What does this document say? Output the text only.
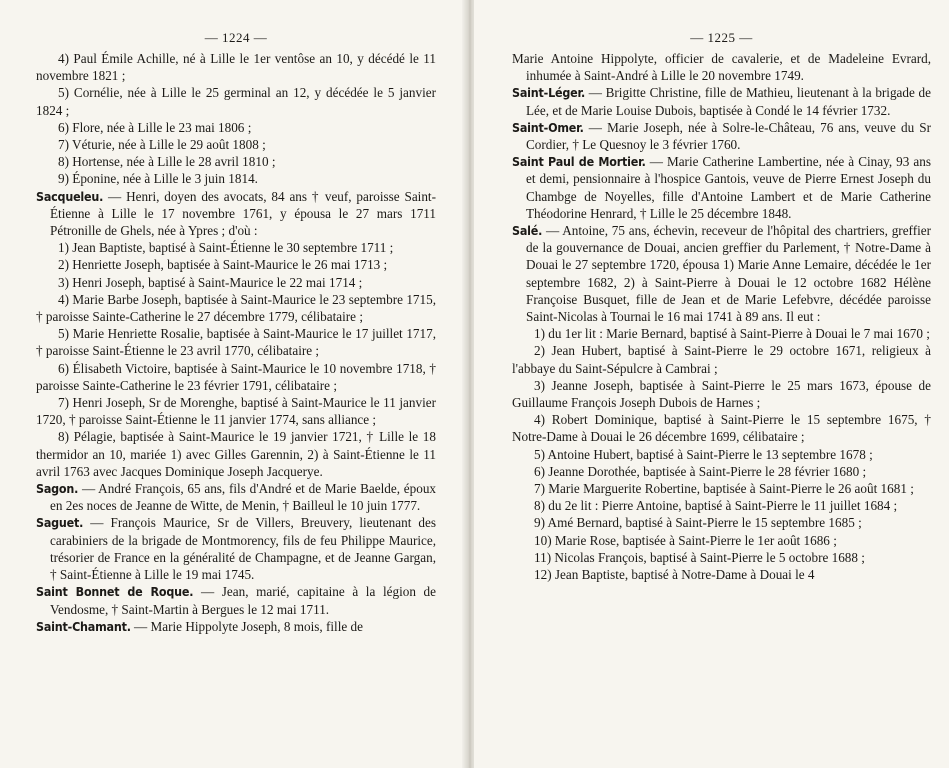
— 1224 —

4) Paul Émile Achille, né à Lille le 1er ventôse an 10, y décédé le 11 novembre 1821 ;

5) Cornélie, née à Lille le 25 germinal an 12, y décédée le 5 janvier 1824 ;

6) Flore, née à Lille le 23 mai 1806 ;

7) Véturie, née à Lille le 29 août 1808 ;

8) Hortense, née à Lille le 28 avril 1810 ;

9) Éponine, née à Lille le 3 juin 1814.

Sacqueleu. — Henri, doyen des avocats, 84 ans † veuf, paroisse Saint-Étienne à Lille le 17 novembre 1761, y épousa le 27 mars 1711 Pétronille de Ghels, née à Ypres ; d'où :

1) Jean Baptiste, baptisé à Saint-Étienne le 30 septembre 1711 ;

2) Henriette Joseph, baptisée à Saint-Maurice le 26 mai 1713 ;

3) Henri Joseph, baptisé à Saint-Maurice le 22 mai 1714 ;

4) Marie Barbe Joseph, baptisée à Saint-Maurice le 23 septembre 1715, † paroisse Sainte-Catherine le 27 décembre 1779, célibataire ;

5) Marie Henriette Rosalie, baptisée à Saint-Maurice le 17 juillet 1717, † paroisse Saint-Étienne le 23 avril 1770, célibataire ;

6) Élisabeth Victoire, baptisée à Saint-Maurice le 10 novembre 1718, † paroisse Sainte-Catherine le 23 février 1791, célibataire ;

7) Henri Joseph, Sr de Morenghe, baptisé à Saint-Maurice le 11 janvier 1720, † paroisse Saint-Étienne le 11 janvier 1774, sans alliance ;

8) Pélagie, baptisée à Saint-Maurice le 19 janvier 1721, † Lille le 18 thermidor an 10, mariée 1) avec Gilles Garennin, 2) à Saint-Étienne le 11 avril 1763 avec Jacques Dominique Joseph Jacquerye.

Sagon. — André François, 65 ans, fils d'André et de Marie Baelde, époux en 2es noces de Jeanne de Witte, de Menin, † Bailleul le 10 juin 1777.

Saguet. — François Maurice, Sr de Villers, Breuvery, lieutenant des carabiniers de la brigade de Montmorency, fils de feu Philippe Maurice, trésorier de France en la généralité de Champagne, et de Jeanne Gargan, † Saint-Étienne à Lille le 19 mai 1745.

Saint Bonnet de Roque. — Jean, marié, capitaine à la légion de Vendosme, † Saint-Martin à Bergues le 12 mai 1711.

Saint-Chamant. — Marie Hippolyte Joseph, 8 mois, fille de

— 1225 —

Marie Antoine Hippolyte, officier de cavalerie, et de Madeleine Evrard, inhumée à Saint-André à Lille le 20 novembre 1749.

Saint-Léger. — Brigitte Christine, fille de Mathieu, lieutenant à la brigade de Lée, et de Marie Louise Dubois, baptisée à Condé le 14 février 1732.

Saint-Omer. — Marie Joseph, née à Solre-le-Château, 76 ans, veuve du Sr Cordier, † Le Quesnoy le 3 février 1760.

Saint Paul de Mortier. — Marie Catherine Lambertine, née à Cinay, 93 ans et demi, pensionnaire à l'hospice Gantois, veuve de Pierre Ernest Joseph du Chambge de Noyelles, fille d'Antoine Lambert et de Marie Catherine Théodorine Henrard, † Lille le 25 décembre 1848.

Salé. — Antoine, 75 ans, échevin, receveur de l'hôpital des chartriers, greffier de la gouvernance de Douai, ancien greffier du Parlement, † Notre-Dame à Douai le 27 septembre 1720, épousa 1) Marie Anne Lemaire, décédée le 1er septembre 1682, 2) à Saint-Pierre à Douai le 12 octobre 1682 Hélène Françoise Busquet, fille de Jean et de Marie Lefebvre, décédée paroisse Saint-Nicolas à Tournai le 16 mai 1741 à 89 ans. Il eut :

1) du 1er lit : Marie Bernard, baptisé à Saint-Pierre à Douai le 7 mai 1670 ;

2) Jean Hubert, baptisé à Saint-Pierre le 29 octobre 1671, religieux à l'abbaye du Saint-Sépulcre à Cambrai ;

3) Jeanne Joseph, baptisée à Saint-Pierre le 25 mars 1673, épouse de Guillaume François Joseph Dubois de Harnes ;

4) Robert Dominique, baptisé à Saint-Pierre le 15 septembre 1675, † Notre-Dame à Douai le 26 décembre 1699, célibataire ;

5) Antoine Hubert, baptisé à Saint-Pierre le 13 septembre 1678 ;

6) Jeanne Dorothée, baptisée à Saint-Pierre le 28 février 1680 ;

7) Marie Marguerite Robertine, baptisée à Saint-Pierre le 26 août 1681 ;

8) du 2e lit : Pierre Antoine, baptisé à Saint-Pierre le 11 juillet 1684 ;

9) Amé Bernard, baptisé à Saint-Pierre le 15 septembre 1685 ;

10) Marie Rose, baptisée à Saint-Pierre le 1er août 1686 ;

11) Nicolas François, baptisé à Saint-Pierre le 5 octobre 1688 ;

12) Jean Baptiste, baptisé à Notre-Dame à Douai le 4
